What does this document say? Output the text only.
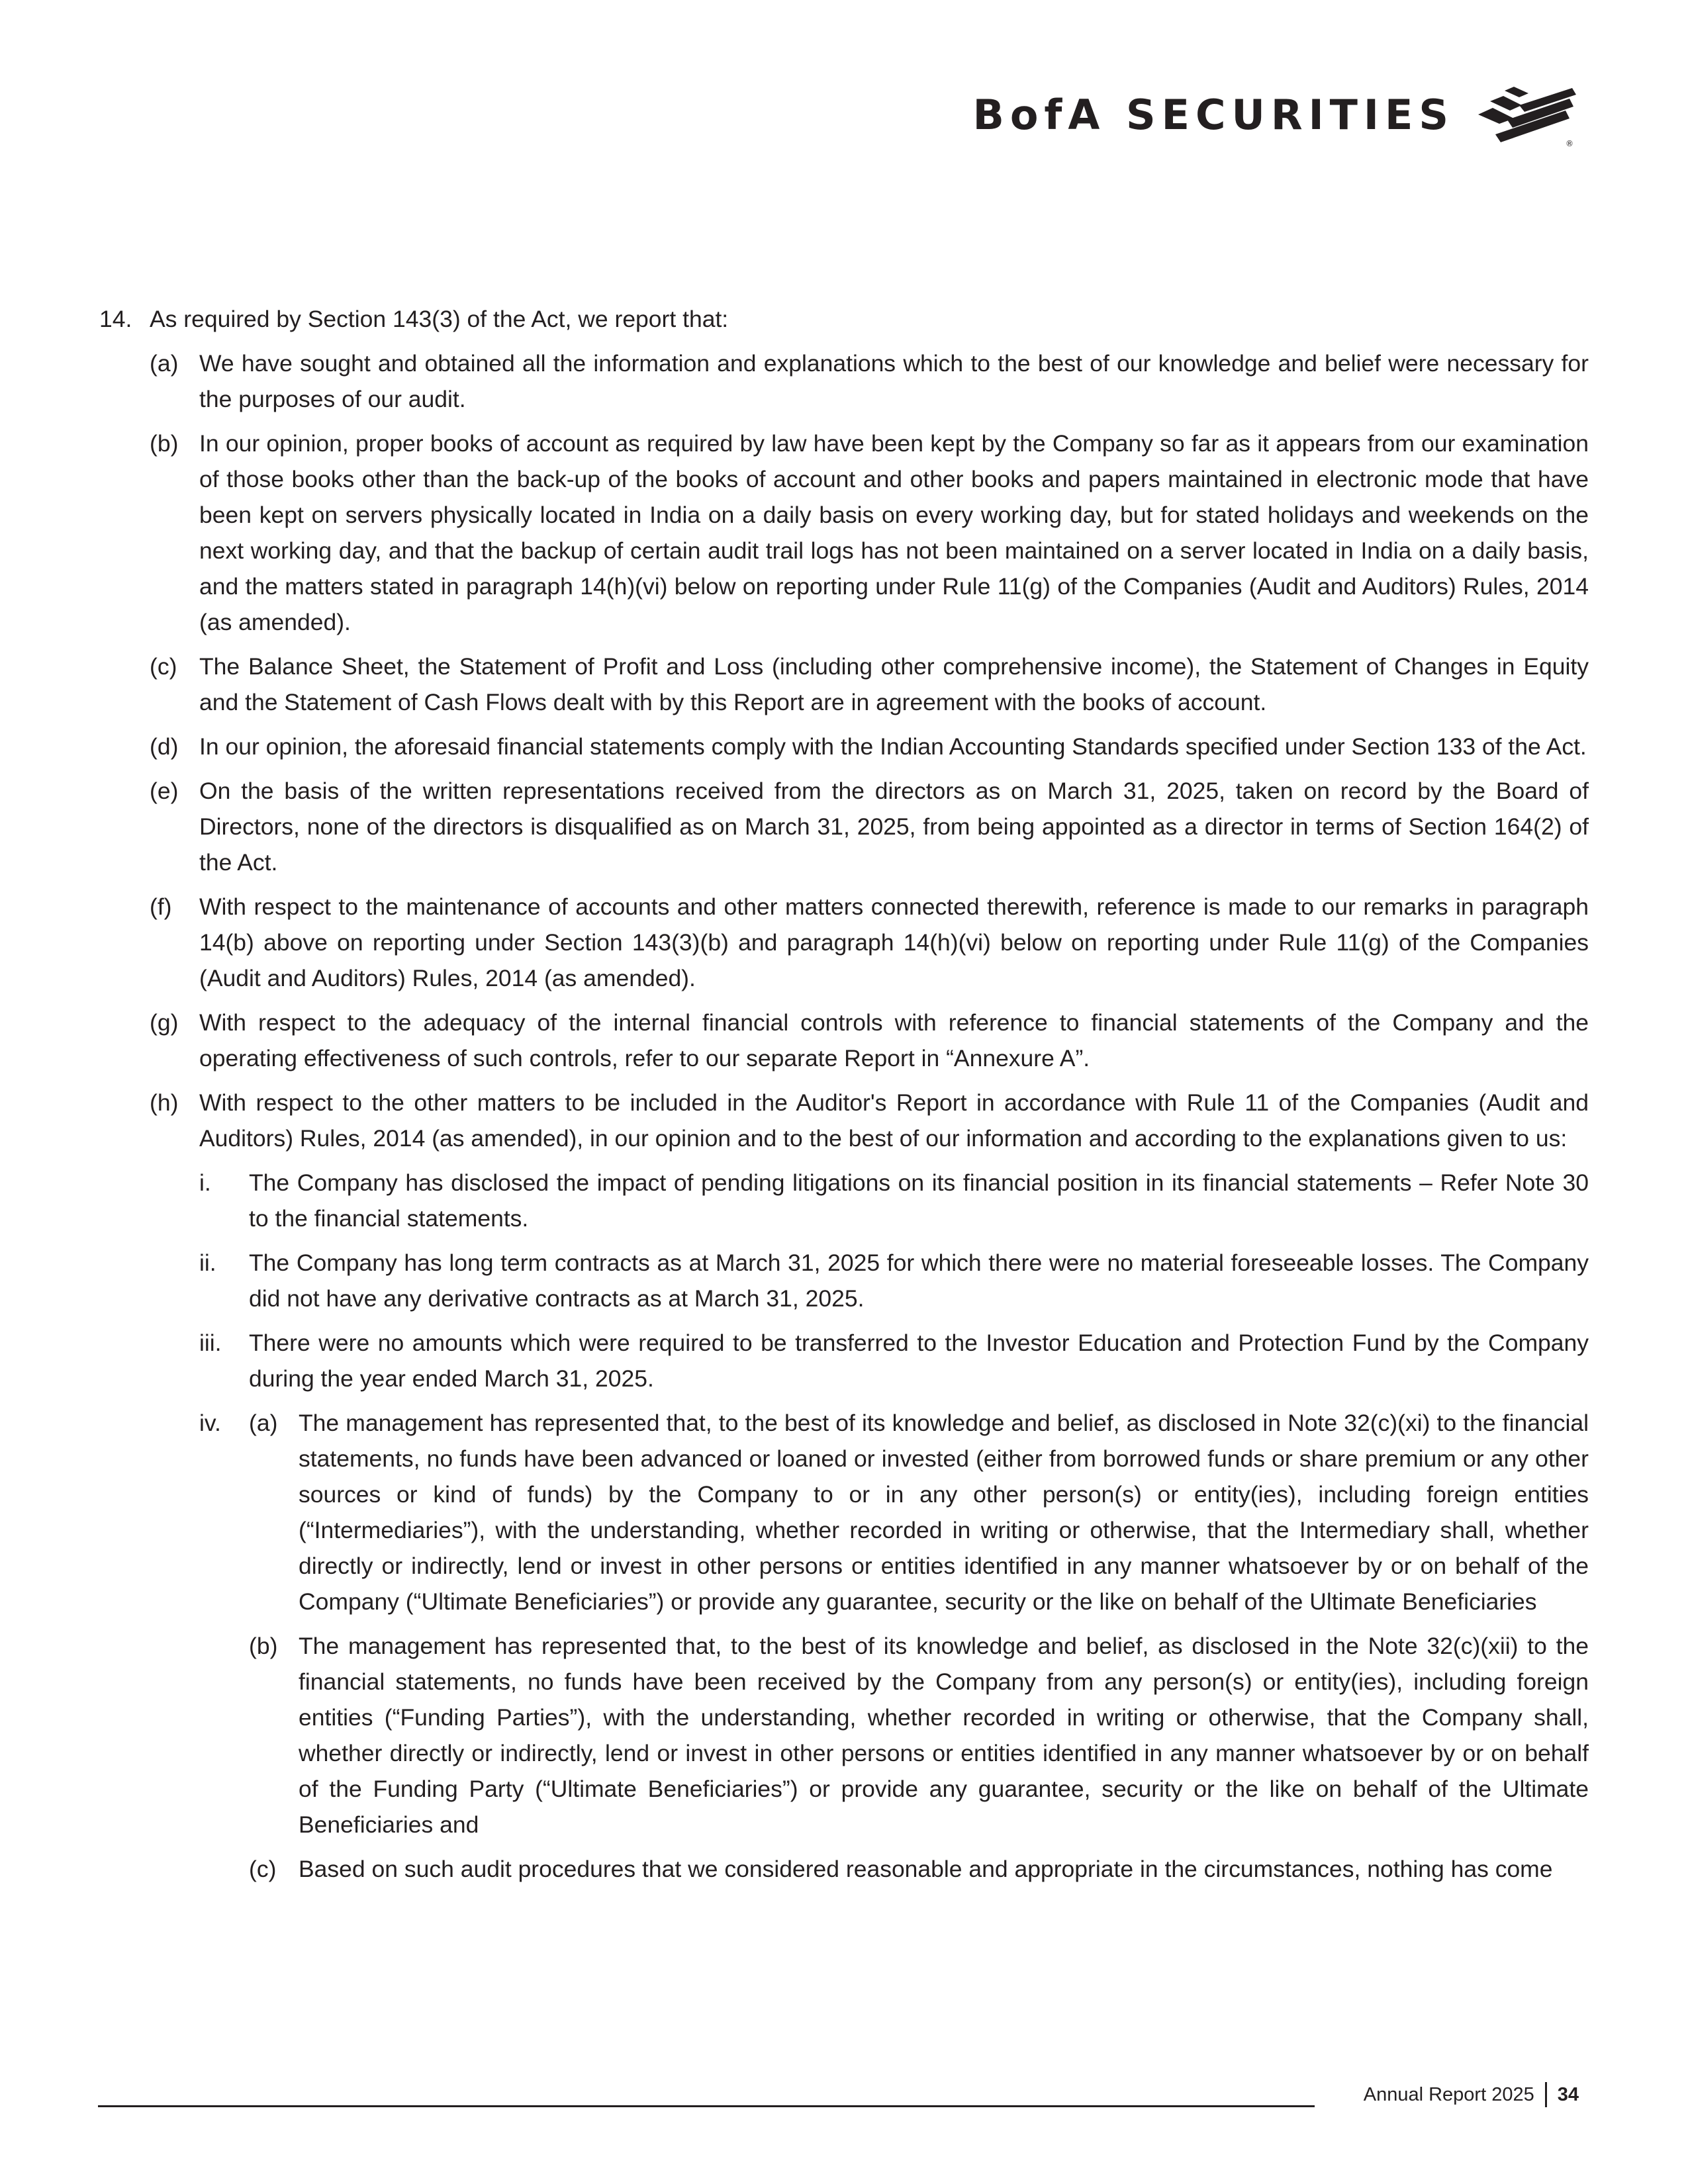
BofA SECURITIES
®
14. As required by Section 143(3) of the Act, we report that:
(a) We have sought and obtained all the information and explanations which to the best of our knowledge and belief were necessary for the purposes of our audit.
(b) In our opinion, proper books of account as required by law have been kept by the Company so far as it appears from our examination of those books other than the back-up of the books of account and other books and papers maintained in electronic mode that have been kept on servers physically located in India on a daily basis on every working day, but for stated holidays and weekends on the next working day, and that the backup of certain audit trail logs has not been maintained on a server located in India on a daily basis, and the matters stated in paragraph 14(h)(vi) below on reporting under Rule 11(g) of the Companies (Audit and Auditors) Rules, 2014 (as amended).
(c) The Balance Sheet, the Statement of Profit and Loss (including other comprehensive income), the Statement of Changes in Equity and the Statement of Cash Flows dealt with by this Report are in agreement with the books of account.
(d) In our opinion, the aforesaid financial statements comply with the Indian Accounting Standards specified under Section 133 of the Act.
(e) On the basis of the written representations received from the directors as on March 31, 2025, taken on record by the Board of Directors, none of the directors is disqualified as on March 31, 2025, from being appointed as a director in terms of Section 164(2) of the Act.
(f)	With respect to the maintenance of accounts and other matters connected therewith, reference is made to our remarks in paragraph 14(b) above on reporting under Section 143(3)(b) and paragraph 14(h)(vi) below on reporting under Rule 11(g) of the Companies (Audit and Auditors) Rules, 2014 (as amended).
(g) With respect to the adequacy of the internal financial controls with reference to financial statements of the Company and the operating effectiveness of such controls, refer to our separate Report in “Annexure A”.
(h) With respect to the other matters to be included in the Auditor's Report in accordance with Rule 11 of the Companies (Audit and Auditors) Rules, 2014 (as amended), in our opinion and to the best of our information and according to the explanations given to us:
i.	The Company has disclosed the impact of pending litigations on its financial position in its financial statements – Refer Note 30 to the financial statements.
ii.	The Company has long term contracts as at March 31, 2025 for which there were no material foreseeable losses. The Company did not have any derivative contracts as at March 31, 2025.
iii.	There were no amounts which were required to be transferred to the Investor Education and Protection Fund by the Company during the year ended March 31, 2025.
iv.	(a) The management has represented that, to the best of its knowledge and belief, as disclosed in Note 32(c)(xi) to the financial statements, no funds have been advanced or loaned or invested (either from borrowed funds or share premium or any other sources or kind of funds) by the Company to or in any other person(s) or entity(ies), including foreign entities (“Intermediaries”), with the understanding, whether recorded in writing or otherwise, that the Intermediary shall, whether directly or indirectly, lend or invest in other persons or entities identified in any manner whatsoever by or on behalf of the Company (“Ultimate Beneficiaries”) or provide any guarantee, security or the like on behalf of the Ultimate Beneficiaries
(b) The management has represented that, to the best of its knowledge and belief, as disclosed in the Note 32(c)(xii) to the financial statements, no funds have been received by the Company from any person(s) or entity(ies), including foreign entities (“Funding Parties”), with the understanding, whether recorded in writing or otherwise, that the Company shall, whether directly or indirectly, lend or invest in other persons or entities identified in any manner whatsoever by or on behalf of the Funding Party (“Ultimate Beneficiaries”) or provide any guarantee, security or the like on behalf of the Ultimate Beneficiaries and
(c) Based on such audit procedures that we considered reasonable and appropriate in the circumstances, nothing has come
Annual Report 2025 34
